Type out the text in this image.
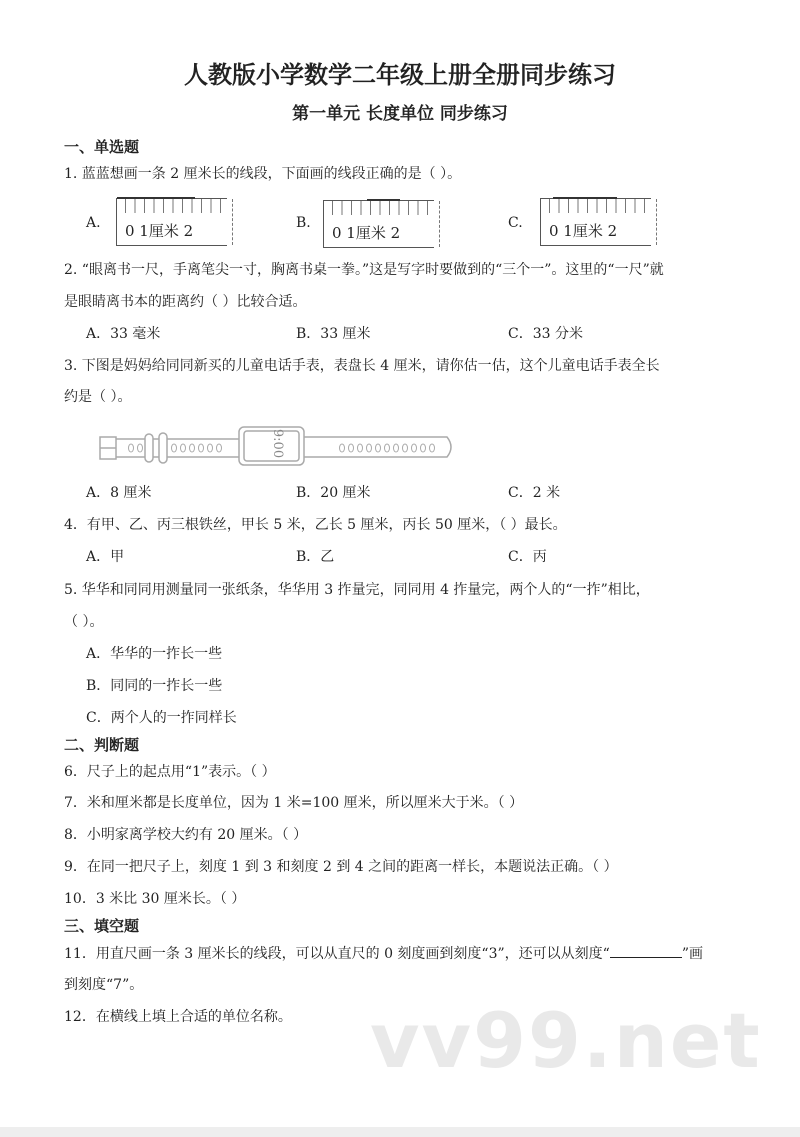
人教版小学数学二年级上册全册同步练习
第一单元 长度单位 同步练习
一、单选题
1. 蓝蓝想画一条 2 厘米长的线段，下面画的线段正确的是（ ）。
A. 0 1厘米 2	B.
0 1厘米 2
C. 0 1厘米 2
2. “眼离书一尺，手离笔尖一寸，胸离书桌一拳。”这是写字时要做到的“三个一”。这里的“一尺”就
是眼睛离书本的距离约（ ）比较合适。
A．33 毫米	B．33 厘米	C．33 分米
3. 下图是妈妈给同同新买的儿童电话手表，表盘长 4 厘米，请你估一估，这个儿童电话手表全长
约是（ ）。
9:00
A．8 厘米	B．20 厘米	C．2 米
4．有甲、乙、丙三根铁丝，甲长 5 米，乙长 5 厘米，丙长 50 厘米，（ ）最长。
A．甲	B．乙	C．丙
5. 华华和同同用测量同一张纸条，华华用 3 拃量完，同同用 4 拃量完，两个人的“一拃”相比，
（ ）。
A．华华的一拃长一些
B．同同的一拃长一些
C．两个人的一拃同样长
二、判断题
6．尺子上的起点用“1”表示。（ ）
7．米和厘米都是长度单位，因为 1 米=100 厘米，所以厘米大于米。（ ）
8．小明家离学校大约有 20 厘米。（ ）
9．在同一把尺子上，刻度 1 到 3 和刻度 2 到 4 之间的距离一样长，本题说法正确。（ ）
10．3 米比 30 厘米长。（ ）
三、填空题
11．用直尺画一条 3 厘米长的线段，可以从直尺的 0 刻度画到刻度“3”，还可以从刻度“	”画
到刻度“7”。
12．在横线上填上合适的单位名称。 vv99.net
